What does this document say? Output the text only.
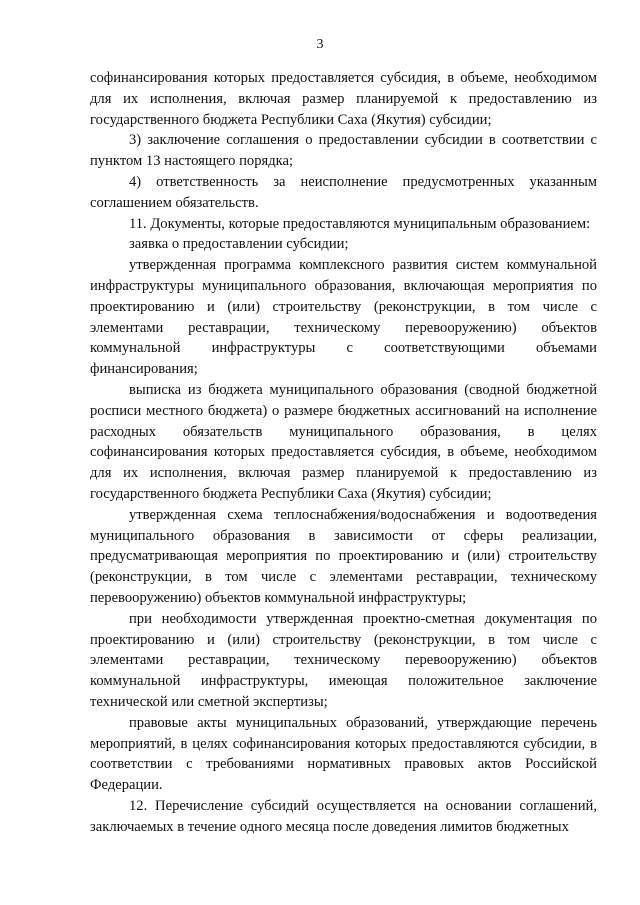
3

софинансирования которых предоставляется субсидия, в объеме, необходимом для их исполнения, включая размер планируемой к предоставлению из государственного бюджета Республики Саха (Якутия) субсидии;

3) заключение соглашения о предоставлении субсидии в соответствии с пунктом 13 настоящего порядка;

4) ответственность за неисполнение предусмотренных указанным соглашением обязательств.

11. Документы, которые предоставляются муниципальным образованием:

заявка о предоставлении субсидии;

утвержденная программа комплексного развития систем коммунальной инфраструктуры муниципального образования, включающая мероприятия по проектированию и (или) строительству (реконструкции, в том числе с элементами реставрации, техническому перевооружению) объектов коммунальной инфраструктуры с соответствующими объемами финансирования;

выписка из бюджета муниципального образования (сводной бюджетной росписи местного бюджета) о размере бюджетных ассигнований на исполнение расходных обязательств муниципального образования, в целях софинансирования которых предоставляется субсидия, в объеме, необходимом для их исполнения, включая размер планируемой к предоставлению из государственного бюджета Республики Саха (Якутия) субсидии;

утвержденная схема теплоснабжения/водоснабжения и водоотведения муниципального образования в зависимости от сферы реализации, предусматривающая мероприятия по проектированию и (или) строительству (реконструкции, в том числе с элементами реставрации, техническому перевооружению) объектов коммунальной инфраструктуры;

при необходимости утвержденная проектно-сметная документация по проектированию и (или) строительству (реконструкции, в том числе с элементами реставрации, техническому перевооружению) объектов коммунальной инфраструктуры, имеющая положительное заключение технической или сметной экспертизы;

правовые акты муниципальных образований, утверждающие перечень мероприятий, в целях софинансирования которых предоставляются субсидии, в соответствии с требованиями нормативных правовых актов Российской Федерации.

12. Перечисление субсидий осуществляется на основании соглашений, заключаемых в течение одного месяца после доведения лимитов бюджетных
